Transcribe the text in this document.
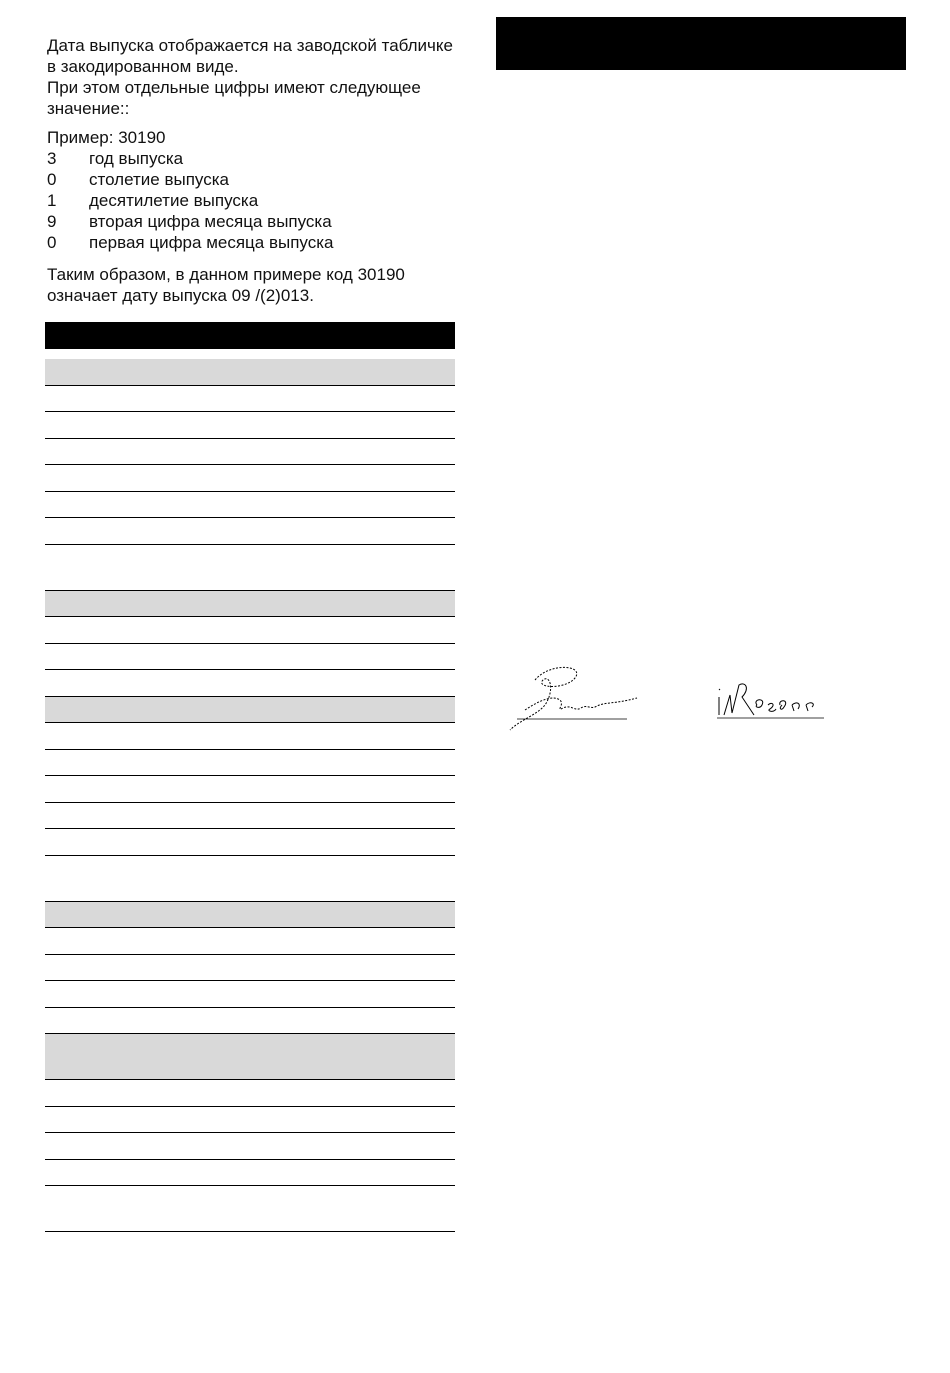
Дата выпуска отображается на заводской табличке в закодированном виде.

При этом отдельные цифры имеют следующее значение::

Пример: 30190
3	год выпуска
0	столетие выпуска
1	десятилетие выпуска
9	вторая цифра месяца выпуска
0	первая цифра месяца выпуска
Таким образом, в данном примере код 30190 означает дату выпуска 09 /(2)013.
